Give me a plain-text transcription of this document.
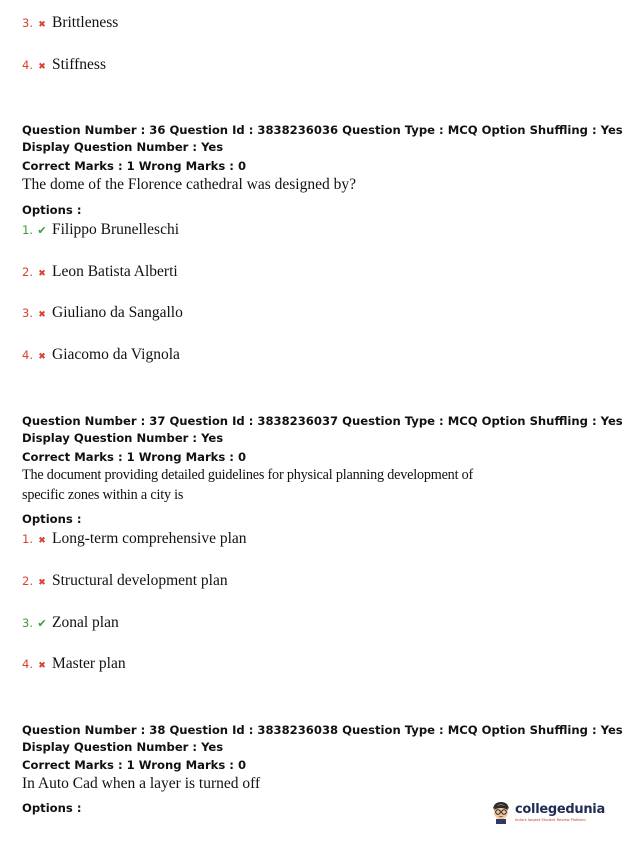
3. ✖ Brittleness
4. ✖ Stiffness
Question Number : 36 Question Id : 3838236036 Question Type : MCQ Option Shuffling : Yes
Display Question Number : Yes
Correct Marks : 1 Wrong Marks : 0
The dome of the Florence cathedral was designed by?
Options :
1. ✔ Filippo Brunelleschi
2. ✖ Leon Batista Alberti
3. ✖ Giuliano da Sangallo
4. ✖ Giacomo da Vignola
Question Number : 37 Question Id : 3838236037 Question Type : MCQ Option Shuffling : Yes
Display Question Number : Yes
Correct Marks : 1 Wrong Marks : 0
The document providing detailed guidelines for physical planning development of
specific zones within a city is
Options :
1. ✖ Long-term comprehensive plan
2. ✖ Structural development plan
3. ✔ Zonal plan
4. ✖ Master plan
Question Number : 38 Question Id : 3838236038 Question Type : MCQ Option Shuffling : Yes
Display Question Number : Yes
Correct Marks : 1 Wrong Marks : 0
In Auto Cad when a layer is turned off
Options :	collegedunia
India's largest Student Review Platform
